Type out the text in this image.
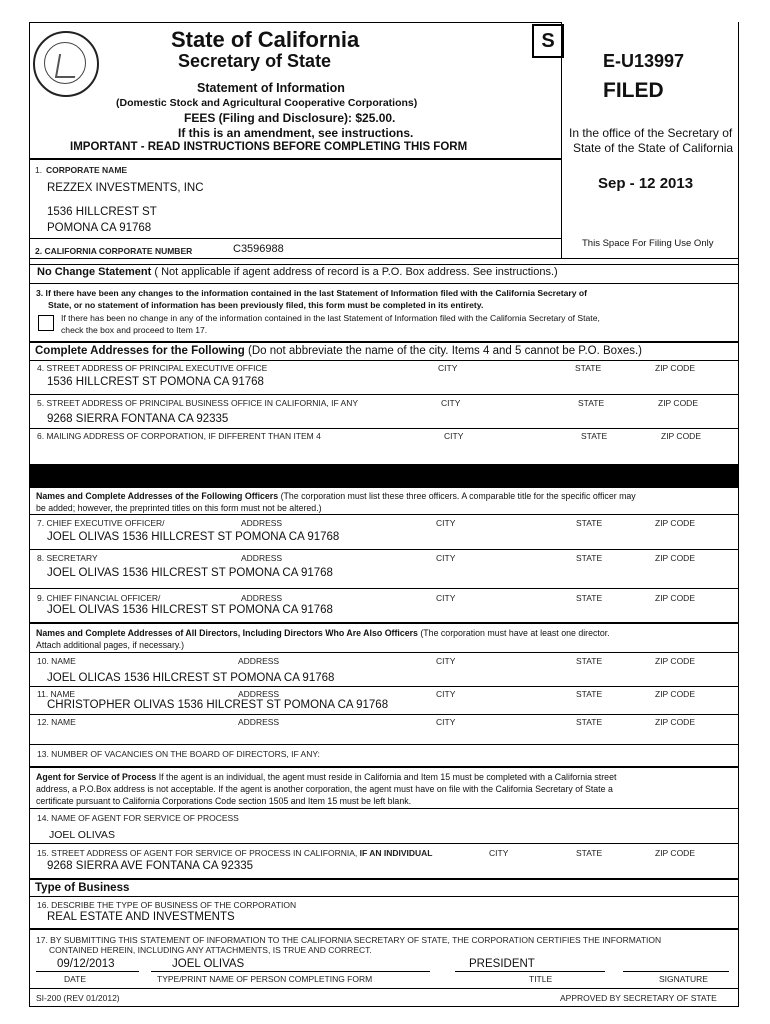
State of California
Secretary of State
Statement of Information
(Domestic Stock and Agricultural Cooperative Corporations)
FEES (Filing and Disclosure): $25.00.
If this is an amendment, see instructions.
IMPORTANT - READ INSTRUCTIONS BEFORE COMPLETING THIS FORM
S
E-U13997
FILED
In the office of the Secretary of
State of the State of California
Sep - 12 2013
This Space For Filing Use Only
1. CORPORATE NAME
REZZEX INVESTMENTS, INC
1536 HILLCREST ST
POMONA CA 91768
2. CALIFORNIA CORPORATE NUMBER	C3596988
No Change Statement ( Not applicable if agent address of record is a P.O. Box address. See instructions.)
3. If there have been any changes to the information contained in the last Statement of Information filed with the California Secretary of
State, or no statement of information has been previously filed, this form must be completed in its entirety.
If there has been no change in any of the information contained in the last Statement of Information filed with the California Secretary of State,
check the box and proceed to Item 17.
Complete Addresses for the Following (Do not abbreviate the name of the city. Items 4 and 5 cannot be P.O. Boxes.)
4. STREET ADDRESS OF PRINCIPAL EXECUTIVE OFFICE	CITY	STATE	ZIP CODE
1536 HILLCREST ST POMONA CA 91768
5. STREET ADDRESS OF PRINCIPAL BUSINESS OFFICE IN CALIFORNIA, IF ANY	CITY	STATE	ZIP CODE
9268 SIERRA FONTANA CA 92335
6. MAILING ADDRESS OF CORPORATION, IF DIFFERENT THAN ITEM 4	CITY	STATE	ZIP CODE
Names and Complete Addresses of the Following Officers (The corporation must list these three officers. A comparable title for the specific officer may
be added; however, the preprinted titles on this form must not be altered.)
7. CHIEF EXECUTIVE OFFICER/	ADDRESS	CITY	STATE	ZIP CODE
JOEL OLIVAS 1536 HILLCREST ST POMONA CA 91768
8. SECRETARY	ADDRESS	CITY	STATE	ZIP CODE
JOEL OLIVAS 1536 HILCREST ST POMONA CA 91768
9. CHIEF FINANCIAL OFFICER/	ADDRESS	CITY	STATE	ZIP CODE
JOEL OLIVAS 1536 HILCREST ST POMONA CA 91768
Names and Complete Addresses of All Directors, Including Directors Who Are Also Officers (The corporation must have at least one director.
Attach additional pages, if necessary.)
10. NAME	ADDRESS	CITY	STATE	ZIP CODE
JOEL OLICAS 1536 HILCREST ST POMONA CA 91768
11. NAME	ADDRESS	CITY	STATE	ZIP CODE
CHRISTOPHER OLIVAS 1536 HILCREST ST POMONA CA 91768
12. NAME	ADDRESS	CITY	STATE	ZIP CODE
13. NUMBER OF VACANCIES ON THE BOARD OF DIRECTORS, IF ANY:
Agent for Service of Process If the agent is an individual, the agent must reside in California and Item 15 must be completed with a California street
address, a P.O.Box address is not acceptable. If the agent is another corporation, the agent must have on file with the California Secretary of State a
certificate pursuant to California Corporations Code section 1505 and Item 15 must be left blank.
14. NAME OF AGENT FOR SERVICE OF PROCESS
JOEL OLIVAS
15. STREET ADDRESS OF AGENT FOR SERVICE OF PROCESS IN CALIFORNIA, IF AN INDIVIDUAL	CITY	STATE	ZIP CODE
9268 SIERRA AVE FONTANA CA 92335
Type of Business
16. DESCRIBE THE TYPE OF BUSINESS OF THE CORPORATION
REAL ESTATE AND INVESTMENTS
17. BY SUBMITTING THIS STATEMENT OF INFORMATION TO THE CALIFORNIA SECRETARY OF STATE, THE CORPORATION CERTIFIES THE INFORMATION
CONTAINED HEREIN, INCLUDING ANY ATTACHMENTS, IS TRUE AND CORRECT.
09/12/2013	JOEL OLIVAS	PRESIDENT
DATE	TYPE/PRINT NAME OF PERSON COMPLETING FORM	TITLE	SIGNATURE
SI-200 (REV 01/2012)	APPROVED BY SECRETARY OF STATE
